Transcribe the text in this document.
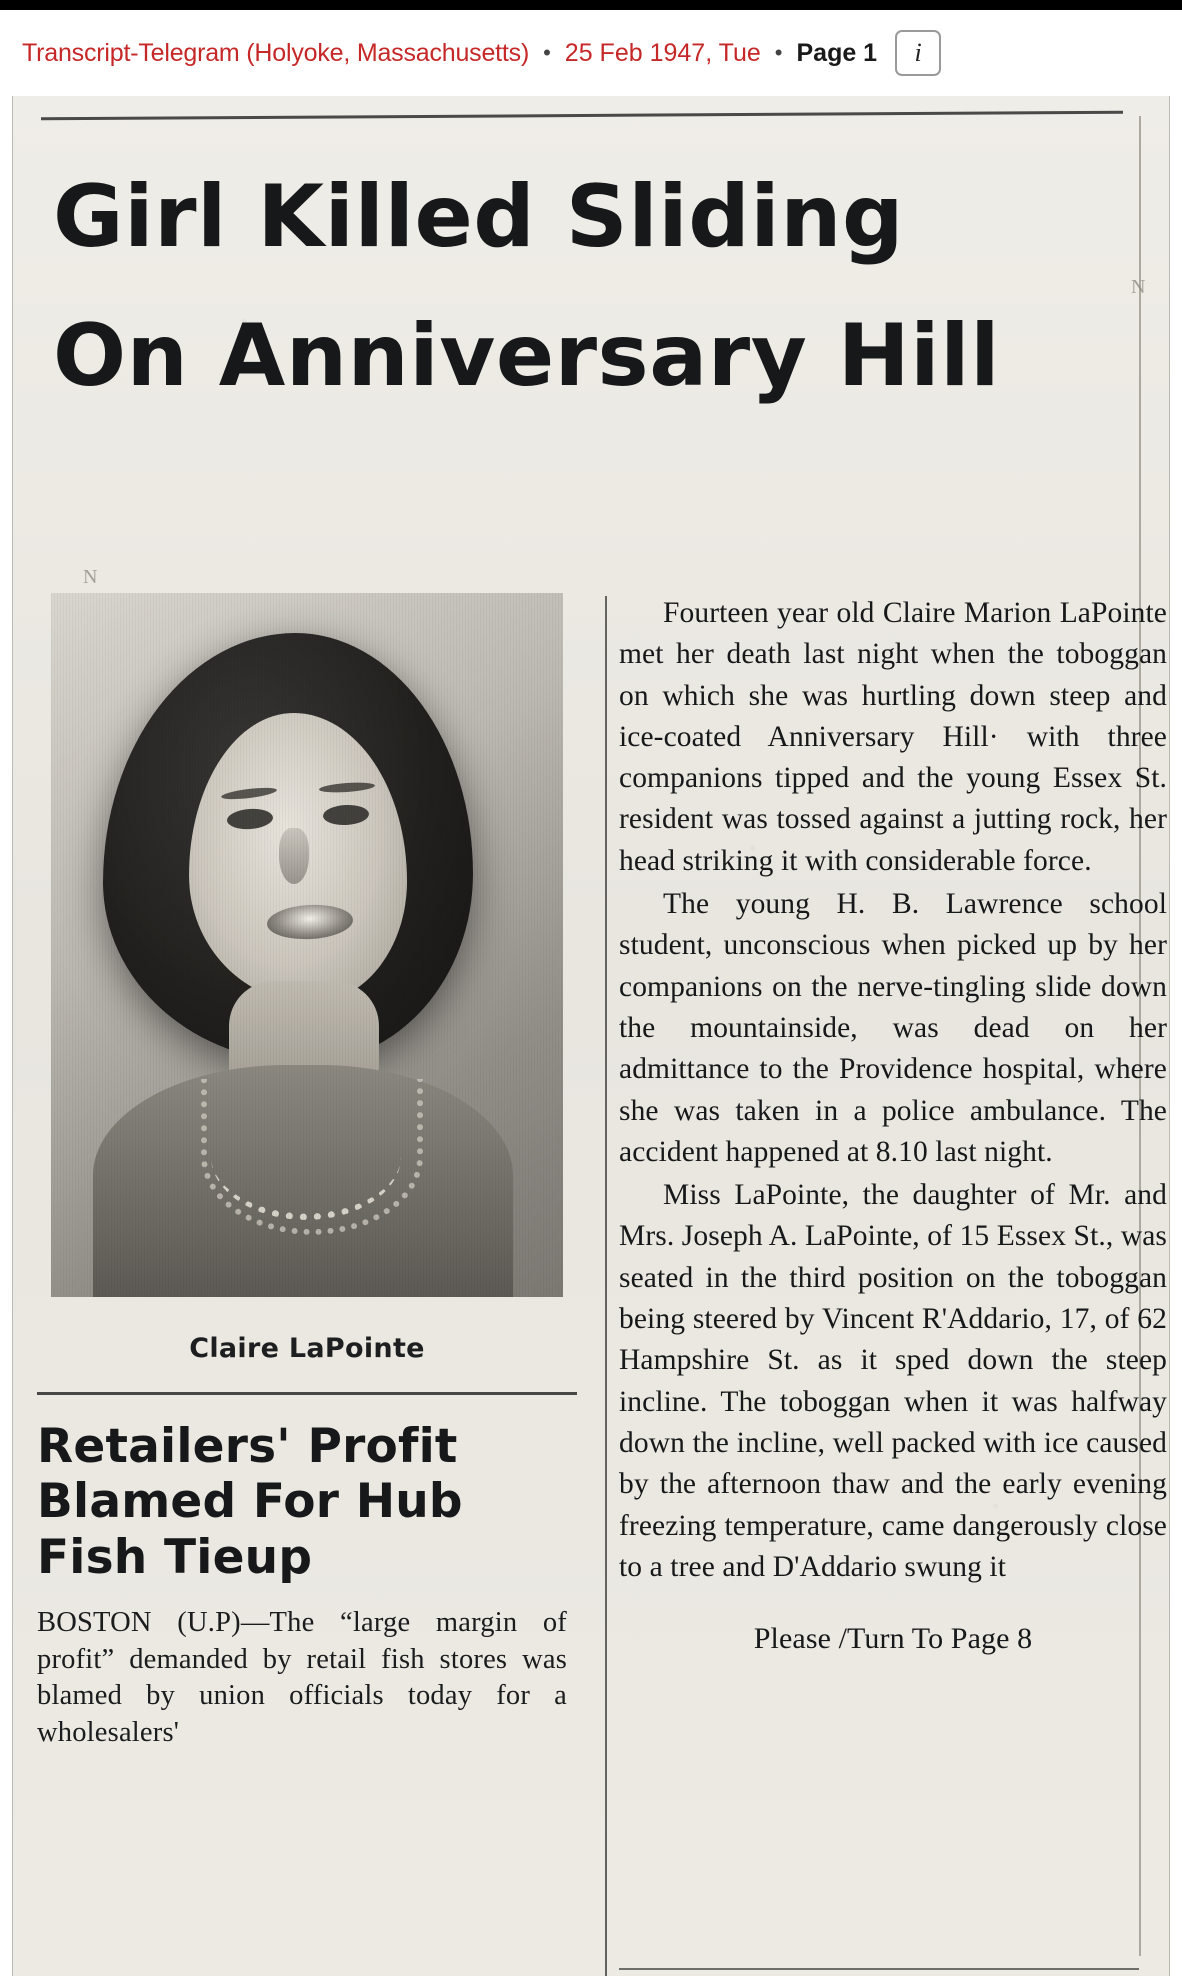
Transcript-Telegram (Holyoke, Massachusetts) • 25 Feb 1947, Tue • Page 1	i
Girl Killed Sliding
On Anniversary Hill
N
N
Claire LaPointe
Retailers' Profit
Blamed For Hub
Fish Tieup
BOSTON (U.P)—The “large margin of profit” demanded by retail fish stores was blamed by union officials today for a wholesalers'

Fourteen year old Claire Marion LaPointe met her death last night when the toboggan on which she was hurtling down steep and ice-coated Anniversary Hill· with three companions tipped and the young Essex St. resident was tossed against a jutting rock, her head striking it with considerable force.

The young H. B. Lawrence school student, unconscious when picked up by her companions on the nerve-tingling slide down the mountainside, was dead on her admittance to the Providence hospital, where she was taken in a police ambulance. The accident happened at 8.10 last night.

Miss LaPointe, the daughter of Mr. and Mrs. Joseph A. LaPointe, of 15 Essex St., was seated in the third position on the toboggan being steered by Vincent R'Addario, 17, of 62 Hampshire St. as it sped down the steep incline. The toboggan when it was halfway down the incline, well packed with ice caused by the afternoon thaw and the early evening freezing temperature, came dangerously close to a tree and D'Addario swung it

Please /Turn To Page 8
